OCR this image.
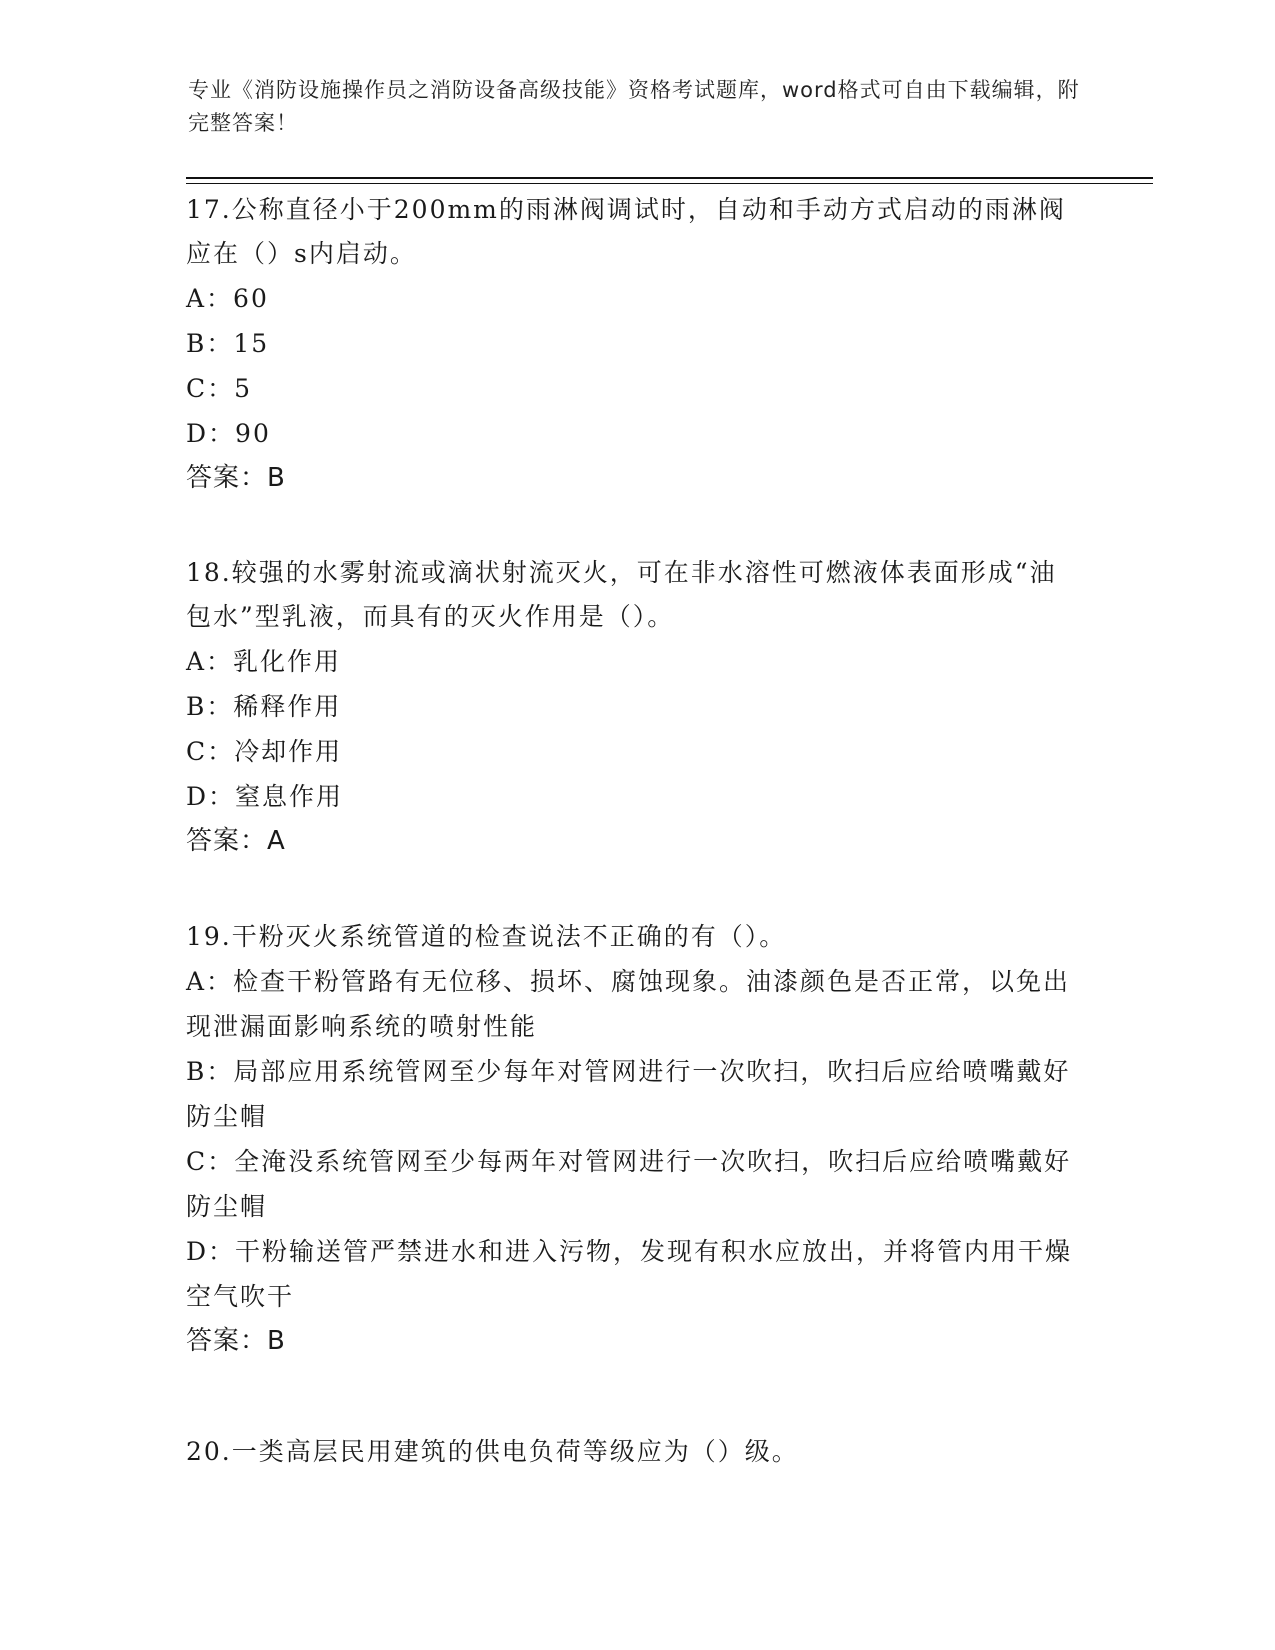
专业《消防设施操作员之消防设备高级技能》资格考试题库，word格式可自由下载编辑，附完整答案！
17.公称直径小于200mm的雨淋阀调试时，自动和手动方式启动的雨淋阀应在（）s内启动。
A：60
B：15
C：5
D：90
答案：B
18.较强的水雾射流或滴状射流灭火，可在非水溶性可燃液体表面形成“油包水”型乳液，而具有的灭火作用是（）。
A：乳化作用
B：稀释作用
C：冷却作用
D：窒息作用
答案：A
19.干粉灭火系统管道的检查说法不正确的有（）。
A：检查干粉管路有无位移、损坏、腐蚀现象。油漆颜色是否正常，以免出现泄漏面影响系统的喷射性能
B：局部应用系统管网至少每年对管网进行一次吹扫，吹扫后应给喷嘴戴好防尘帽
C：全淹没系统管网至少每两年对管网进行一次吹扫，吹扫后应给喷嘴戴好防尘帽
D：干粉输送管严禁进水和进入污物，发现有积水应放出，并将管内用干燥空气吹干
答案：B
20.一类高层民用建筑的供电负荷等级应为（）级。
